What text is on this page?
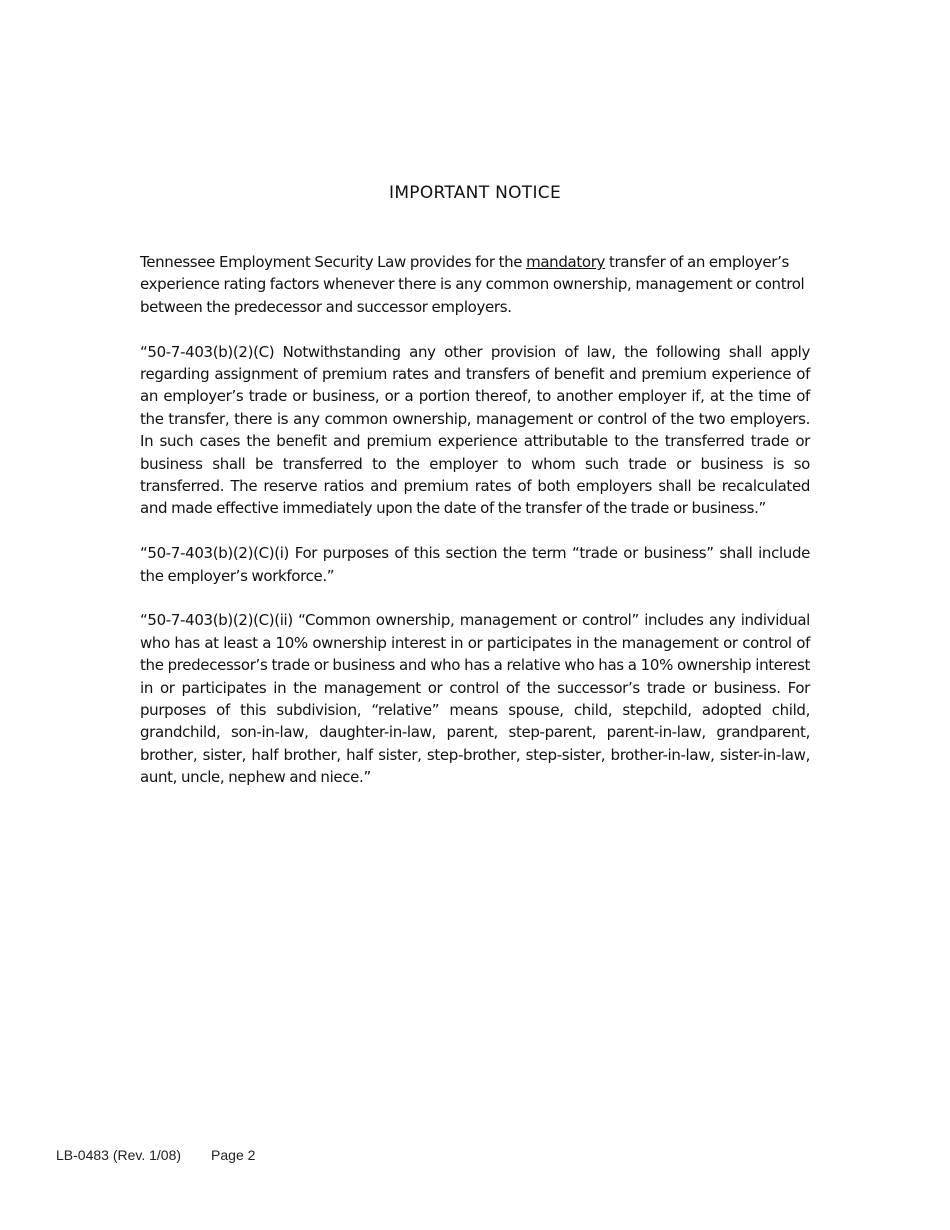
IMPORTANT NOTICE

Tennessee Employment Security Law provides for the mandatory transfer of an employer’s experience rating factors whenever there is any common ownership, management or control between the predecessor and successor employers.

“50-7-403(b)(2)(C) Notwithstanding any other provision of law, the following shall apply regarding assignment of premium rates and transfers of benefit and premium experience of an employer’s trade or business, or a portion thereof, to another employer if, at the time of the transfer, there is any common ownership, management or control of the two employers. In such cases the benefit and premium experience attributable to the transferred trade or business shall be transferred to the employer to whom such trade or business is so transferred. The reserve ratios and premium rates of both employers shall be recalculated and made effective immediately upon the date of the transfer of the trade or business.”

“50-7-403(b)(2)(C)(i) For purposes of this section the term “trade or business” shall include the employer’s workforce.”

“50-7-403(b)(2)(C)(ii) “Common ownership, management or control” includes any individual who has at least a 10% ownership interest in or participates in the management or control of the predecessor’s trade or business and who has a relative who has a 10% ownership interest in or participates in the management or control of the successor’s trade or business. For purposes of this subdivision, “relative” means spouse, child, stepchild, adopted child, grandchild, son-in-law, daughter-in-law, parent, step-parent, parent-in-law, grandparent, brother, sister, half brother, half sister, step-brother, step-sister, brother-in-law, sister-in-law, aunt, uncle, nephew and niece.”

LB-0483 (Rev. 1/08) Page 2
